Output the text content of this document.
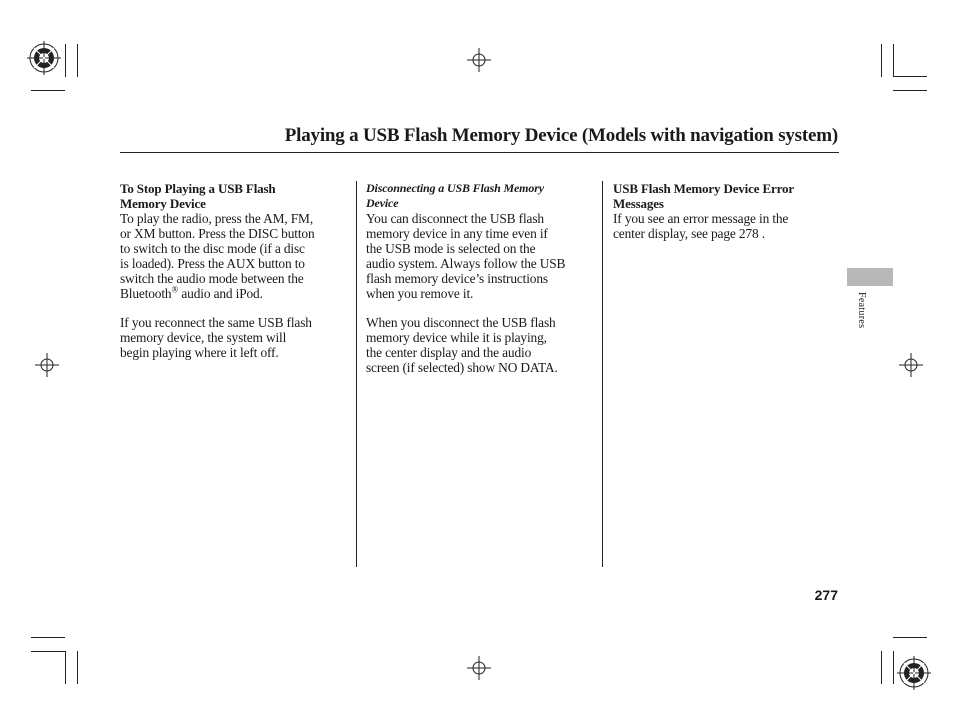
Playing a USB Flash Memory Device (Models with navigation system)

To Stop Playing a USB Flash

Memory Device

To play the radio, press the AM, FM,

or XM button. Press the DISC button

to switch to the disc mode (if a disc

is loaded). Press the AUX button to

switch the audio mode between the

Bluetooth® audio and iPod.

If you reconnect the same USB flash

memory device, the system will

begin playing where it left off.

Disconnecting a USB Flash Memory

Device

You can disconnect the USB flash

memory device in any time even if

the USB mode is selected on the

audio system. Always follow the USB

flash memory device’s instructions

when you remove it.

When you disconnect the USB flash

memory device while it is playing,

the center display and the audio

screen (if selected) show NO DATA.

USB Flash Memory Device Error

Messages

If you see an error message in the

center display, see page 278 .

Features
277
